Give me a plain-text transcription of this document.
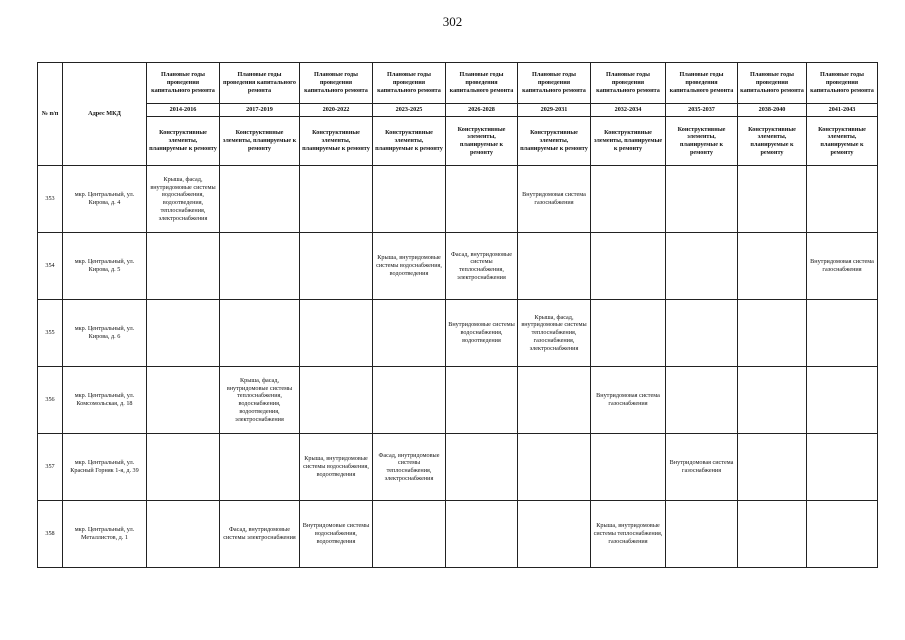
302
№ п/п	Адрес МКД	Плановые годы проведения капитального ремонта	Плановые годы проведения капитального ремонта	Плановые годы проведения капитального ремонта	Плановые годы проведения капитального ремонта	Плановые годы проведения капитального ремонта	Плановые годы проведения капитального ремонта	Плановые годы проведения капитального ремонта	Плановые годы проведения капитального ремонта	Плановые годы проведения капитального ремонта	Плановые годы проведения капитального ремонта
		2014-2016	2017-2019	2020-2022	2023-2025	2026-2028	2029-2031	2032-2034	2035-2037	2038-2040	2041-2043
		Конструктивные элементы, планируемые к ремонту	Конструктивные элементы, планируемые к ремонту	Конструктивные элементы, планируемые к ремонту	Конструктивные элементы, планируемые к ремонту	Конструктивные элементы, планируемые к ремонту	Конструктивные элементы, планируемые к ремонту	Конструктивные элементы, планируемые к ремонту	Конструктивные элементы, планируемые к ремонту	Конструктивные элементы, планируемые к ремонту	Конструктивные элементы, планируемые к ремонту
353	мкр. Центральный, ул. Кирова, д. 4	Крыша, фасад, внутридомовые системы водоснабжения, водоотведения, теплоснабжения, электроснабжения					Внутридомовая система газоснабжения				
354	мкр. Центральный, ул. Кирова, д. 5				Крыша, внутридомовые системы водоснабжения, водоотведения	Фасад, внутридомовые системы теплоснабжения, электроснабжения					Внутридомовая система газоснабжения
355	мкр. Центральный, ул. Кирова, д. 6					Внутридомовые системы водоснабжения, водоотведения	Крыша, фасад, внутридомовые системы теплоснабжения, газоснабжения, электроснабжения				
356	мкр. Центральный, ул. Комсомольская, д. 18		Крыша, фасад, внутридомовые системы теплоснабжения, водоснабжения, водоотведения, электроснабжения					Внутридомовая система газоснабжения			
357	мкр. Центральный, ул. Красный Горняк 1-я, д. 39			Крыша, внутридомовые системы водоснабжения, водоотведения	Фасад, внутридомовые системы теплоснабжения, электроснабжения				Внутридомовая система газоснабжения		
358	мкр. Центральный, ул. Металлистов, д. 1		Фасад, внутридомовые системы электроснабжения	Внутридомовые системы водоснабжения, водоотведения				Крыша, внутридомовые системы теплоснабжения, газоснабжения			
